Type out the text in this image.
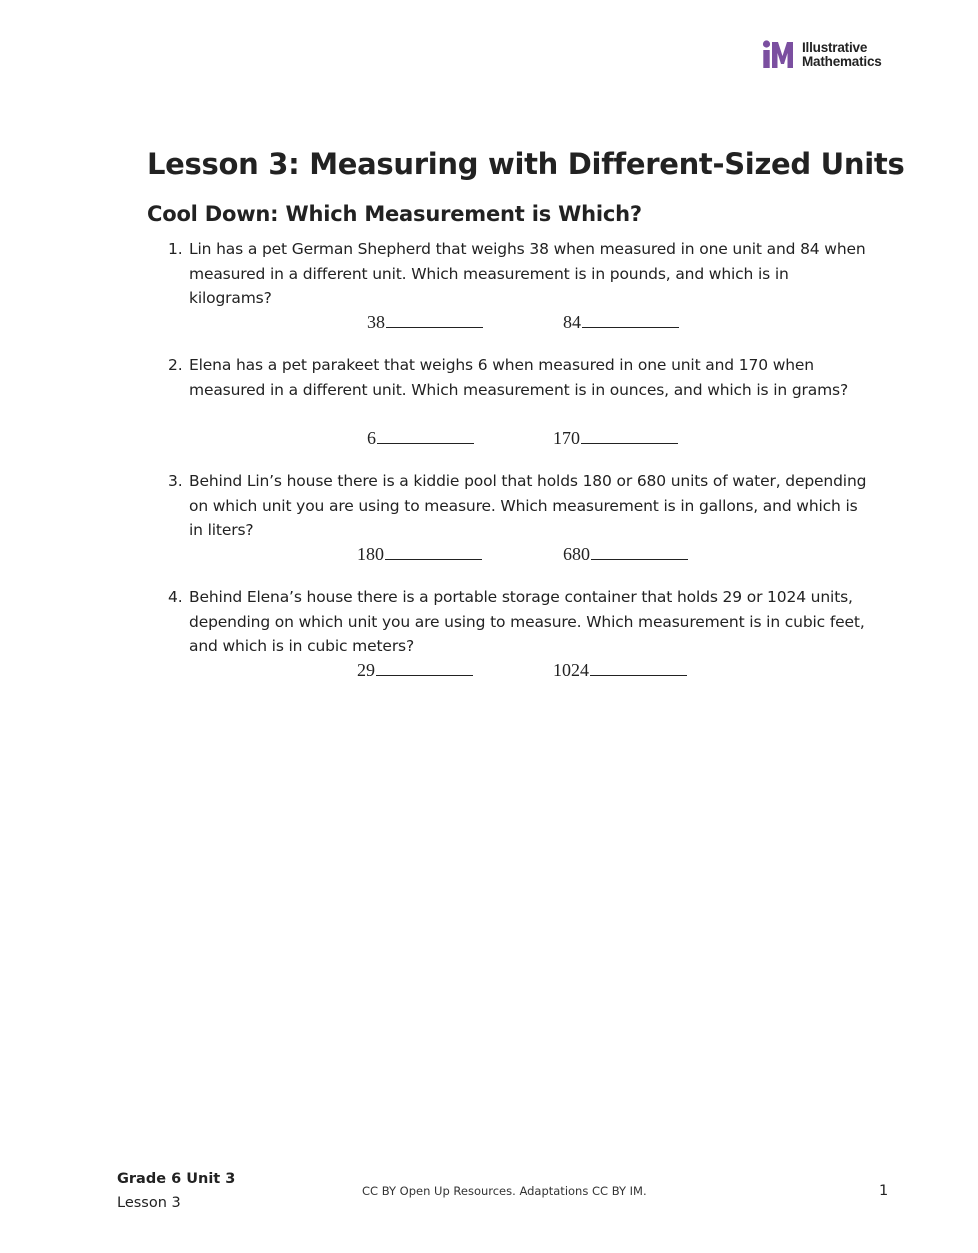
Illustrative
Mathematics
Lesson 3: Measuring with Different-Sized Units
Cool Down: Which Measurement is Which?
1. Lin has a pet German Shepherd that weighs 38 when measured in one unit and 84 when measured in a different unit. Which measurement is in pounds, and which is in kilograms?
38	84
2. Elena has a pet parakeet that weighs 6 when measured in one unit and 170 when measured in a different unit. Which measurement is in ounces, and which is in grams?
6	170
3. Behind Lin’s house there is a kiddie pool that holds 180 or 680 units of water, depending on which unit you are using to measure. Which measurement is in gallons, and which is in liters?
180	680
4. Behind Elena’s house there is a portable storage container that holds 29 or 1024 units, depending on which unit you are using to measure. Which measurement is in cubic feet, and which is in cubic meters?
29	1024
Grade 6 Unit 3
Lesson 3
CC BY Open Up Resources. Adaptations CC BY IM.	1
